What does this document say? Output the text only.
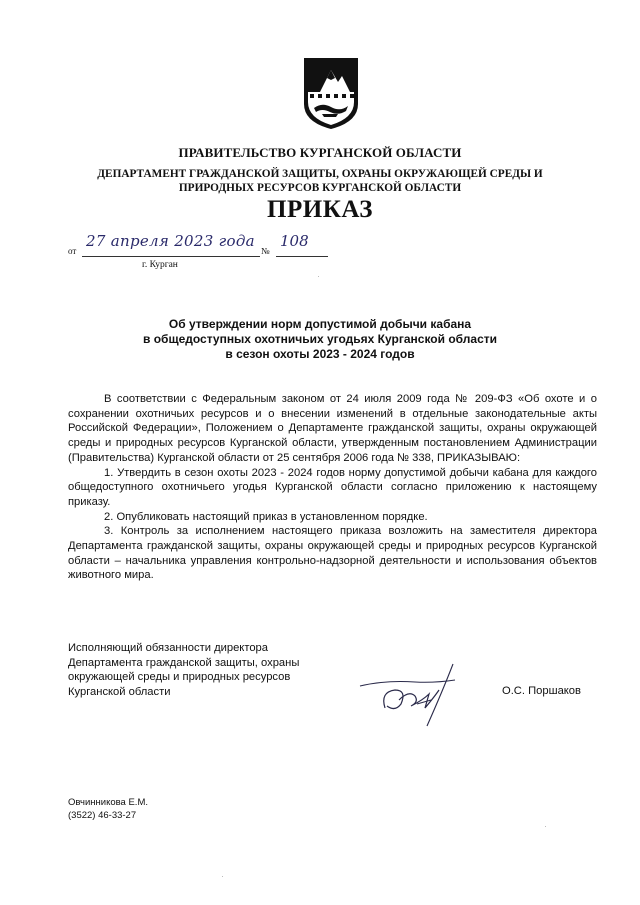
ПРАВИТЕЛЬСТВО КУРГАНСКОЙ ОБЛАСТИ
ДЕПАРТАМЕНТ ГРАЖДАНСКОЙ ЗАЩИТЫ, ОХРАНЫ ОКРУЖАЮЩЕЙ СРЕДЫ И
ПРИРОДНЫХ РЕСУРСОВ КУРГАНСКОЙ ОБЛАСТИ
ПРИКАЗ
от
27 апреля 2023 года
№
108
г. Курган
Об утверждении норм допустимой добычи кабана
в общедоступных охотничьих угодьях Курганской области
в сезон охоты 2023 - 2024 годов

В соответствии с Федеральным законом от 24 июля 2009 года № 209-ФЗ «Об охоте и о сохранении охотничьих ресурсов и о внесении изменений в отдельные законодательные акты Российской Федерации», Положением о Департаменте гражданской защиты, охраны окружающей среды и природных ресурсов Курганской области, утвержденным постановлением Администрации (Правительства) Курганской области от 25 сентября 2006 года № 338, ПРИКАЗЫВАЮ:

1. Утвердить в сезон охоты 2023 - 2024 годов норму допустимой добычи кабана для каждого общедоступного охотничьего угодья Курганской области согласно приложению к настоящему приказу.

2. Опубликовать настоящий приказ в установленном порядке.

3. Контроль за исполнением настоящего приказа возложить на заместителя директора Департамента гражданской защиты, охраны окружающей среды и природных ресурсов Курганской области – начальника управления контрольно-надзорной деятельности и использования объектов животного мира.

Исполняющий обязанности директора
Департамента гражданской защиты, охраны
окружающей среды и природных ресурсов
Курганской области	О.С. Поршаков
Овчинникова Е.М.
(3522) 46-33-27
